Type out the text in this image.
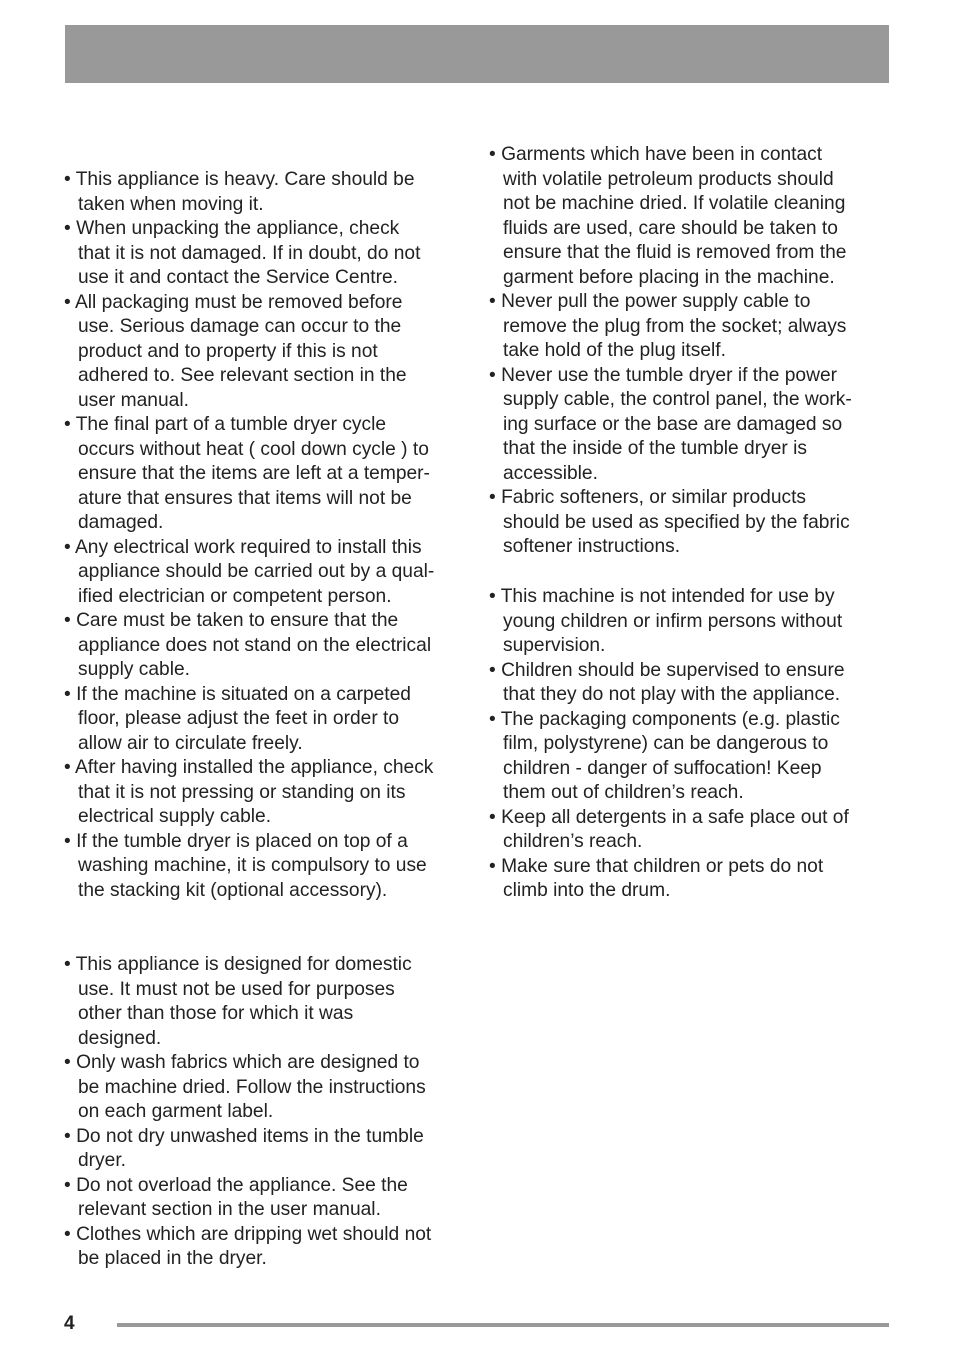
• This appliance is heavy. Care should be
taken when moving it.
• When unpacking the appliance, check
that it is not damaged. If in doubt, do not
use it and contact the Service Centre.
• All packaging must be removed before
use. Serious damage can occur to the
product and to property if this is not
adhered to. See relevant section in the
user manual.
• The final part of a tumble dryer cycle
occurs without heat ( cool down cycle ) to
ensure that the items are left at a temper-
ature that ensures that items will not be
damaged.
• Any electrical work required to install this
appliance should be carried out by a qual-
ified electrician or competent person.
• Care must be taken to ensure that the
appliance does not stand on the electrical
supply cable.
• If the machine is situated on a carpeted
floor, please adjust the feet in order to
allow air to circulate freely.
• After having installed the appliance, check
that it is not pressing or standing on its
electrical supply cable.
• If the tumble dryer is placed on top of a
washing machine, it is compulsory to use
the stacking kit (optional accessory).
• This appliance is designed for domestic
use. It must not be used for purposes
other than those for which it was
designed.
• Only wash fabrics which are designed to
be machine dried. Follow the instructions
on each garment label.
• Do not dry unwashed items in the tumble
dryer.
• Do not overload the appliance. See the
relevant section in the user manual.
• Clothes which are dripping wet should not
be placed in the dryer.
• Garments which have been in contact
with volatile petroleum products should
not be machine dried. If volatile cleaning
fluids are used, care should be taken to
ensure that the fluid is removed from the
garment before placing in the machine.
• Never pull the power supply cable to
remove the plug from the socket; always
take hold of the plug itself.
• Never use the tumble dryer if the power
supply cable, the control panel, the work-
ing surface or the base are damaged so
that the inside of the tumble dryer is
accessible.
• Fabric softeners, or similar products
should be used as specified by the fabric
softener instructions.
• This machine is not intended for use by
young children or infirm persons without
supervision.
• Children should be supervised to ensure
that they do not play with the appliance.
• The packaging components (e.g. plastic
film, polystyrene) can be dangerous to
children - danger of suffocation! Keep
them out of children’s reach.
• Keep all detergents in a safe place out of
children’s reach.
• Make sure that children or pets do not
climb into the drum.
4
